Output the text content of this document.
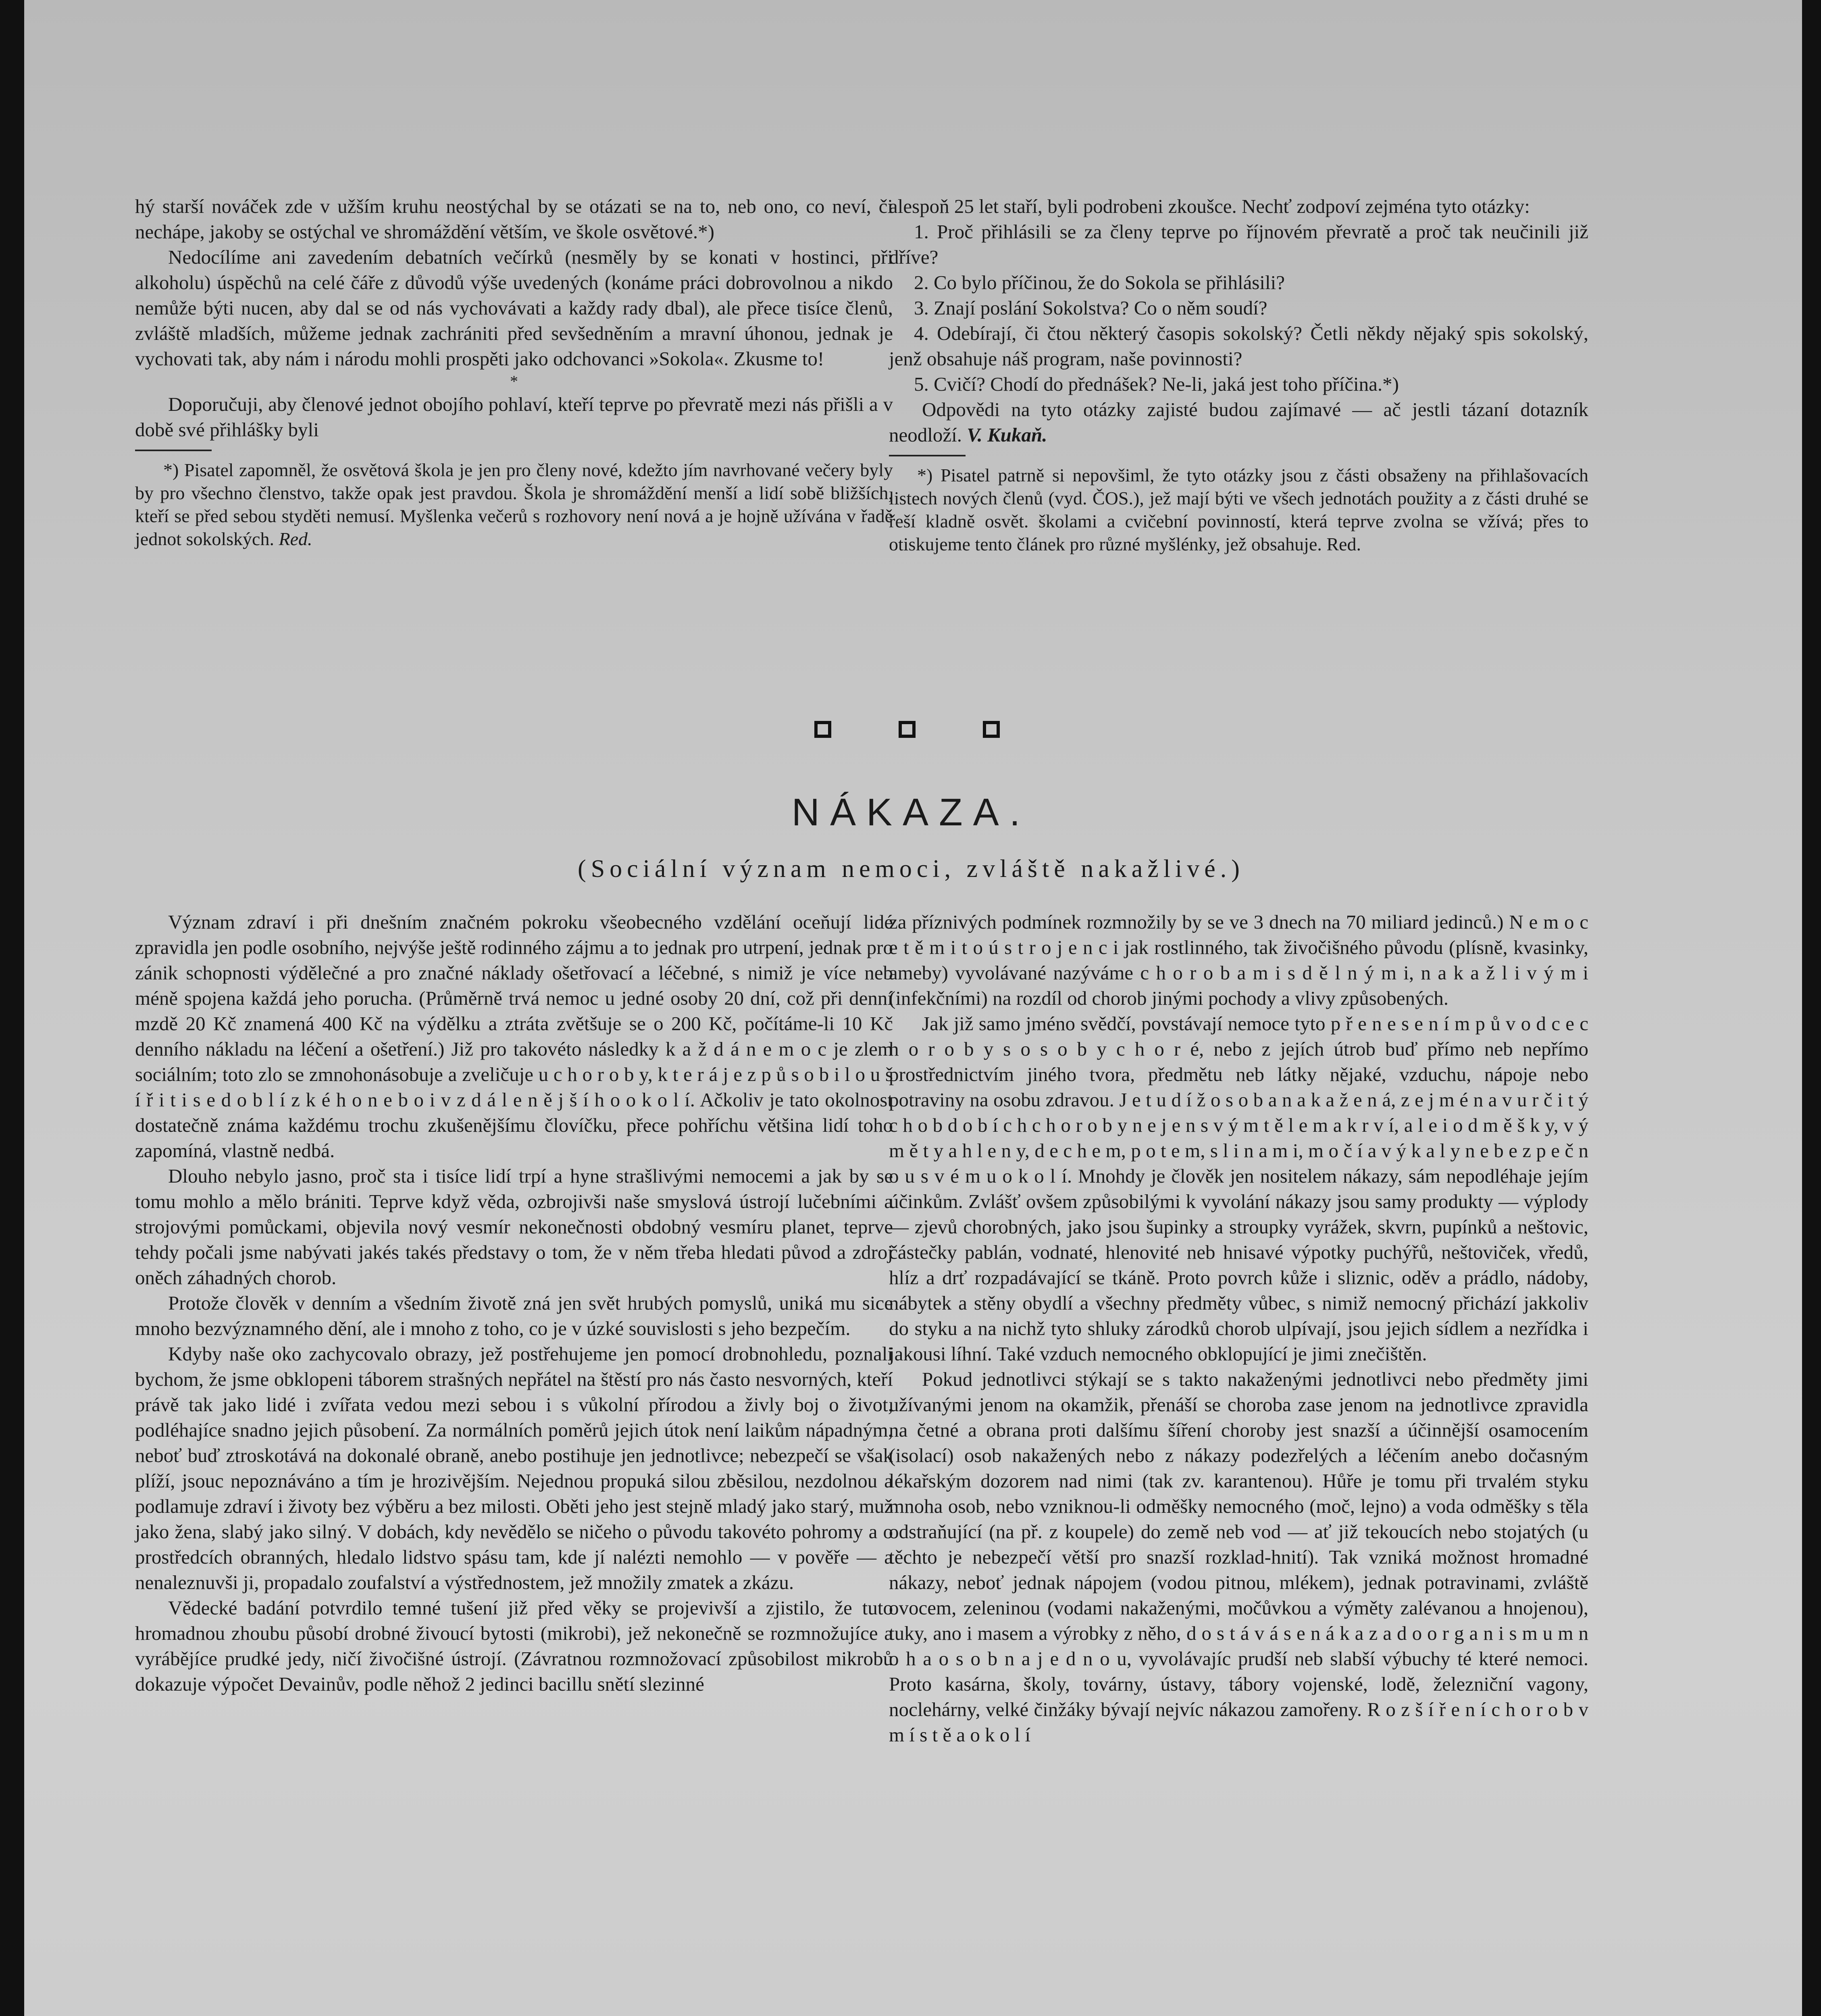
hý starší nováček zde v užším kruhu neostýchal by se otázati se na to, neb ono, co neví, či nechápe, jakoby se ostýchal ve shromáždění větším, ve škole osvětové.*)

Nedocílíme ani zavedením debatních večírků (nesměly by se konati v hostinci, při alkoholu) úspěchů na celé čáře z důvodů výše uvedených (konáme práci dobrovolnou a nikdo nemůže býti nucen, aby dal se od nás vychovávati a každy rady dbal), ale přece tisíce členů, zvláště mladších, můžeme jednak zachrániti před sevšedněním a mravní úhonou, jednak je vychovati tak, aby nám i národu mohli prospěti jako odchovanci »Sokola«. Zkusme to!

*

Doporučuji, aby členové jednot obojího pohlaví, kteří teprve po převratě mezi nás přišli a v době své přihlášky byli

*) Pisatel zapomněl, že osvětová škola je jen pro členy nové, kdežto jím navrhované večery byly by pro všechno členstvo, takže opak jest pravdou. Škola je shromáždění menší a lidí sobě bližších, kteří se před sebou styděti nemusí. Myšlenka večerů s rozhovory není nová a je hojně užívána v řadě jednot sokolských. Red.

alespoň 25 let staří, byli podrobeni zkoušce. Nechť zodpoví zejména tyto otázky:

1. Proč přihlásili se za členy teprve po říjnovém převratě a proč tak neučinili již dříve?

2. Co bylo příčinou, že do Sokola se přihlásili?

3. Znají poslání Sokolstva? Co o něm soudí?

4. Odebírají, či čtou některý časopis sokolský? Četli někdy nějaký spis sokolský, jenž obsahuje náš program, naše povinnosti?

5. Cvičí? Chodí do přednášek? Ne-li, jaká jest toho příčina.*)

Odpovědi na tyto otázky zajisté budou zajímavé — ač jestli tázaní dotazník neodloží. V. Kukaň.

*) Pisatel patrně si nepovšiml, že tyto otázky jsou z části obsaženy na přihlašovacích listech nových členů (vyd. ČOS.), jež mají býti ve všech jednotách použity a z části druhé se řeší kladně osvět. školami a cvičební povinností, která teprve zvolna se vžívá; přes to otiskujeme tento článek pro různé myšlénky, jež obsahuje. Red.

NÁKAZA.
(Sociální význam nemoci, zvláště nakažlivé.)

Význam zdraví i při dnešním značném pokroku všeobecného vzdělání oceňují lidé zpravidla jen podle osobního, nejvýše ještě rodinného zájmu a to jednak pro utrpení, jednak pro zánik schopnosti výdělečné a pro značné náklady ošetřovací a léčebné, s nimiž je více neb méně spojena každá jeho porucha. (Průměrně trvá nemoc u jedné osoby 20 dní, což při denní mzdě 20 Kč znamená 400 Kč na výdělku a ztráta zvětšuje se o 200 Kč, počítáme-li 10 Kč denního nákladu na léčení a ošetření.) Již pro takovéto následky k a ž d á n e m o c je zlem sociálním; toto zlo se zmnohonásobuje a zveličuje u c h o r o b y, k t e r á j e z p ů s o b i l o u š í ř i t i s e d o b l í z k é h o n e b o i v z d á l e n ě j š í h o o k o l í. Ačkoliv je tato okolnost dostatečně známa každému trochu zkušenějšímu človíčku, přece pohříchu většina lidí toho zapomíná, vlastně nedbá.

Dlouho nebylo jasno, proč sta i tisíce lidí trpí a hyne strašlivými nemocemi a jak by se tomu mohlo a mělo brániti. Teprve když věda, ozbrojivši naše smyslová ústrojí lučebními a strojovými pomůckami, objevila nový vesmír nekonečnosti obdobný vesmíru planet, teprve tehdy počali jsme nabývati jakés takés představy o tom, že v něm třeba hledati původ a zdroj oněch záhadných chorob.

Protože člověk v denním a všedním životě zná jen svět hrubých pomyslů, uniká mu sice mnoho bezvýznamného dění, ale i mnoho z toho, co je v úzké souvislosti s jeho bezpečím.

Kdyby naše oko zachycovalo obrazy, jež postřehujeme jen pomocí drobnohledu, poznali bychom, že jsme obklopeni táborem strašných nepřátel na štěstí pro nás často nesvorných, kteří právě tak jako lidé i zvířata vedou mezi sebou i s vůkolní přírodou a živly boj o život, podléhajíce snadno jejich působení. Za normálních poměrů jejich útok není laikům nápadným, neboť buď ztroskotává na dokonalé obraně, anebo postihuje jen jednotlivce; nebezpečí se však plíží, jsouc nepoznáváno a tím je hrozivějším. Nejednou propuká silou zběsilou, nezdolnou a podlamuje zdraví i životy bez výběru a bez milosti. Oběti jeho jest stejně mladý jako starý, muž jako žena, slabý jako silný. V dobách, kdy nevědělo se ničeho o původu takovéto pohromy a o prostředcích obranných, hledalo lidstvo spásu tam, kde jí nalézti nemohlo — v pověře — a nenaleznuvši ji, propadalo zoufalství a výstřednostem, jež množily zmatek a zkázu.

Vědecké badání potvrdilo temné tušení již před věky se projevivší a zjistilo, že tuto hromadnou zhoubu působí drobné živoucí bytosti (mikrobi), jež nekonečně se rozmnožujíce a vyrábějíce prudké jedy, ničí živočišné ústrojí. (Závratnou rozmnožovací způsobilost mikrobů dokazuje výpočet Devainův, podle něhož 2 jedinci bacillu snětí slezinné

za příznivých podmínek rozmnožily by se ve 3 dnech na 70 miliard jedinců.) N e m o c e t ě m i t o ú s t r o j e n c i jak rostlinného, tak živočišného původu (plísně, kvasinky, ameby) vyvolávané nazýváme c h o r o b a m i s d ě l n ý m i, n a k a ž l i v ý m i (infekčními) na rozdíl od chorob jinými pochody a vlivy způsobených.

Jak již samo jméno svědčí, povstávají nemoce tyto p ř e n e s e n í m p ů v o d c e c h o r o b y s o s o b y c h o r é, nebo z jejích útrob buď přímo neb nepřímo prostřednictvím jiného tvora, předmětu neb látky nějaké, vzduchu, nápoje nebo potraviny na osobu zdravou. J e t u d í ž o s o b a n a k a ž e n á, z e j m é n a v u r č i t ý c h o b d o b í c h c h o r o b y n e j e n s v ý m t ě l e m a k r v í, a l e i o d m ě š k y, v ý m ě t y a h l e n y, d e c h e m, p o t e m, s l i n a m i, m o č í a v ý k a l y n e b e z p e č n o u s v é m u o k o l í. Mnohdy je člověk jen nositelem nákazy, sám nepodléhaje jejím účinkům. Zvlášť ovšem způsobilými k vyvolání nákazy jsou samy produkty — výplody — zjevů chorobných, jako jsou šupinky a stroupky vyrážek, skvrn, pupínků a neštovic, částečky pablán, vodnaté, hlenovité neb hnisavé výpotky puchýřů, neštoviček, vředů, hlíz a drť rozpadávající se tkáně. Proto povrch kůže i sliznic, oděv a prádlo, nádoby, nábytek a stěny obydlí a všechny předměty vůbec, s nimiž nemocný přichází jakkoliv do styku a na nichž tyto shluky zárodků chorob ulpívají, jsou jejich sídlem a nezřídka i jakousi líhní. Také vzduch nemocného obklopující je jimi znečištěn.

Pokud jednotlivci stýkají se s takto nakaženými jednotlivci nebo předměty jimi užívanými jenom na okamžik, přenáší se choroba zase jenom na jednotlivce zpravidla na četné a obrana proti dalšímu šíření choroby jest snazší a účinnější osamocením (isolací) osob nakažených nebo z nákazy podezřelých a léčením anebo dočasným lékařským dozorem nad nimi (tak zv. karantenou). Hůře je tomu při trvalém styku mnoha osob, nebo vzniknou-li odměšky nemocného (moč, lejno) a voda odměšky s těla odstraňující (na př. z koupele) do země neb vod — ať již tekoucích nebo stojatých (u těchto je nebezpečí větší pro snazší rozklad-hnití). Tak vzniká možnost hromadné nákazy, neboť jednak nápojem (vodou pitnou, mlékem), jednak potravinami, zvláště ovocem, zeleninou (vodami nakaženými, močůvkou a výměty zalévanou a hnojenou), tuky, ano i masem a výrobky z něho, d o s t á v á s e n á k a z a d o o r g a n i s m u m n o h a o s o b n a j e d n o u, vyvolávajíc prudší neb slabší výbuchy té které nemoci. Proto kasárna, školy, továrny, ústavy, tábory vojenské, lodě, železniční vagony, noclehárny, velké činžáky bývají nejvíc nákazou zamořeny. R o z š í ř e n í c h o r o b v m í s t ě a o k o l í
